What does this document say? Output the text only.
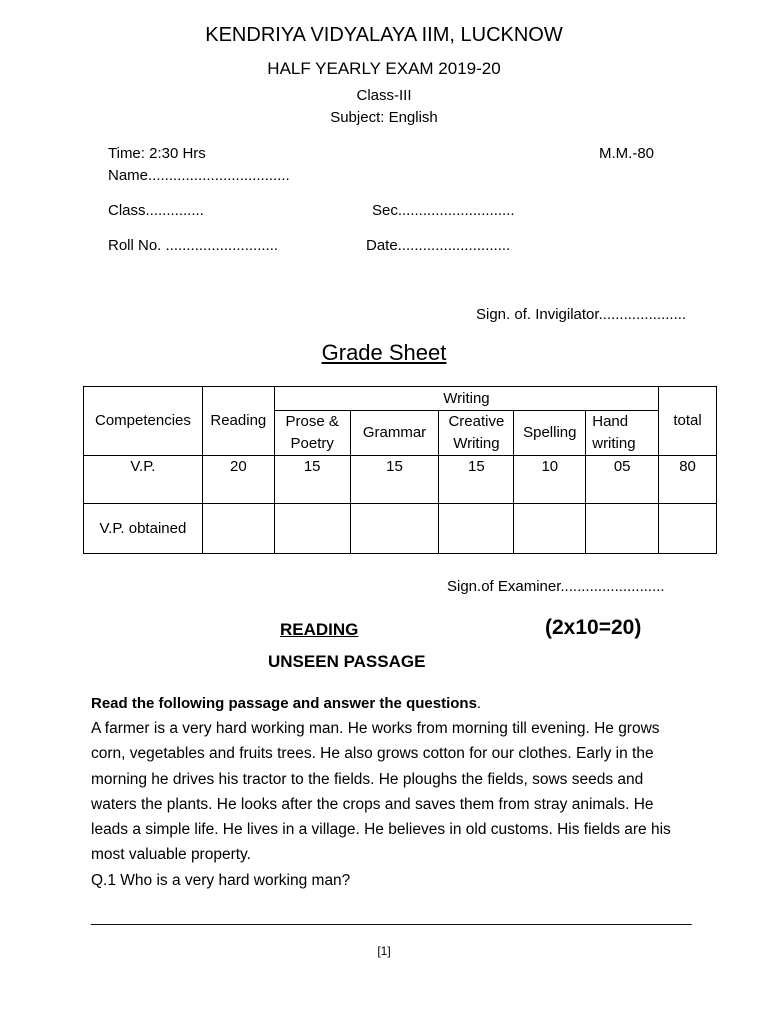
KENDRIYA VIDYALAYA IIM, LUCKNOW
HALF YEARLY EXAM 2019-20
Class-III
Subject: English
Time: 2:30 Hrs	M.M.-80
Name..................................
Class..............	Sec............................
Roll No. ...........................	Date...........................
Sign. of. Invigilator.....................
Grade Sheet
Competencies	Reading	Writing					total
		Prose & Poetry	Grammar	Creative Writing	Spelling	Hand writing	
V.P.	20	15	15	15	10	05	80
V.P. obtained							
Sign.of Examiner.........................
READING	(2x10=20)
UNSEEN PASSAGE
Read the following passage and answer the questions.

A farmer is a very hard working man. He works from morning till evening. He grows

corn, vegetables and fruits trees. He also grows cotton for our clothes. Early in the

morning he drives his tractor to the fields. He ploughs the fields, sows seeds and

waters the plants. He looks after the crops and saves them from stray animals. He

leads a simple life. He lives in a village. He believes in old customs. His fields are his

most valuable property.

Q.1 Who is a very hard working man?

________________________________________________________________________
[1]
